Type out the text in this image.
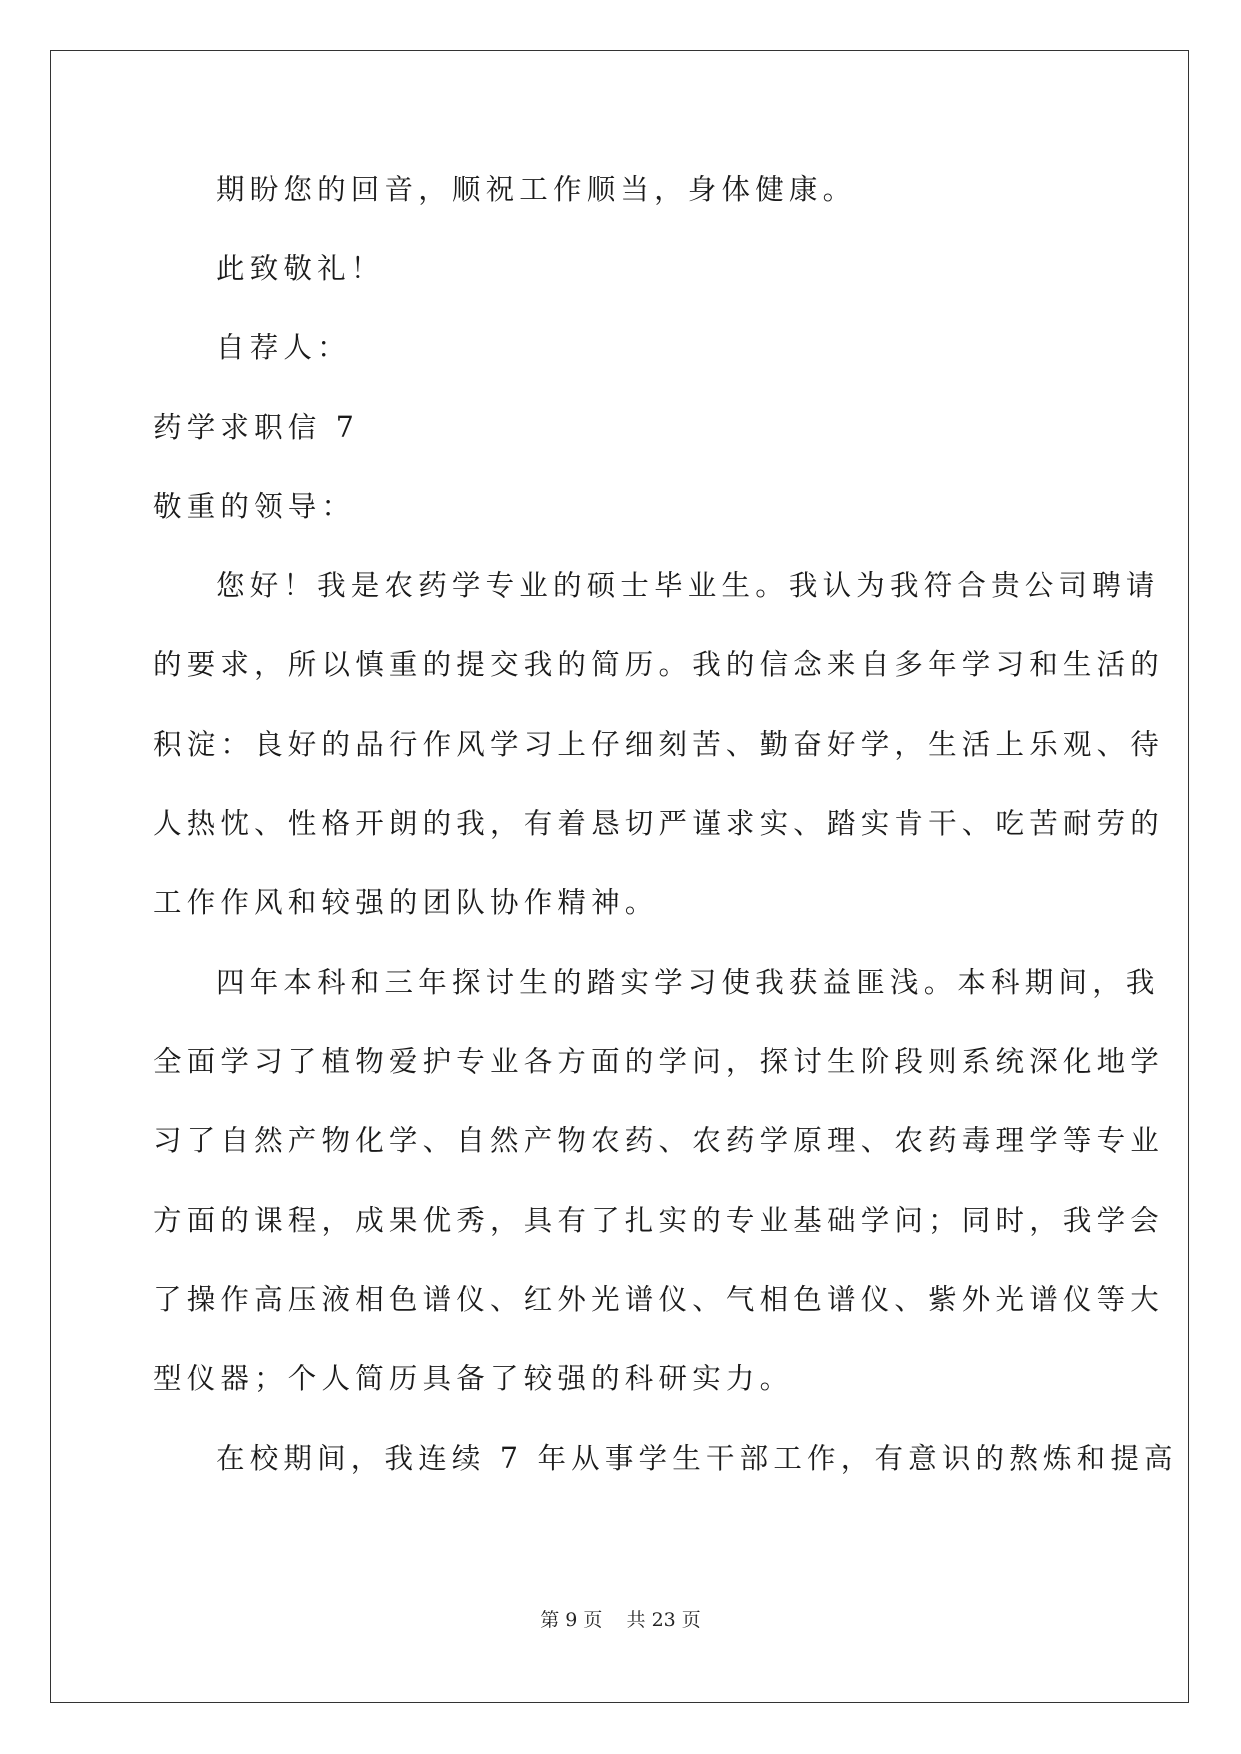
期盼您的回音，顺祝工作顺当，身体健康。
此致敬礼！
自荐人：
药学求职信 7
敬重的领导：
您好！我是农药学专业的硕士毕业生。我认为我符合贵公司聘请
的要求，所以慎重的提交我的简历。我的信念来自多年学习和生活的
积淀：良好的品行作风学习上仔细刻苦、勤奋好学，生活上乐观、待
人热忱、性格开朗的我，有着恳切严谨求实、踏实肯干、吃苦耐劳的
工作作风和较强的团队协作精神。
四年本科和三年探讨生的踏实学习使我获益匪浅。本科期间，我
全面学习了植物爱护专业各方面的学问，探讨生阶段则系统深化地学
习了自然产物化学、自然产物农药、农药学原理、农药毒理学等专业
方面的课程，成果优秀，具有了扎实的专业基础学问；同时，我学会
了操作高压液相色谱仪、红外光谱仪、气相色谱仪、紫外光谱仪等大
型仪器；个人简历具备了较强的科研实力。
在校期间，我连续 7 年从事学生干部工作，有意识的熬炼和提高
第 9 页    共 23 页
